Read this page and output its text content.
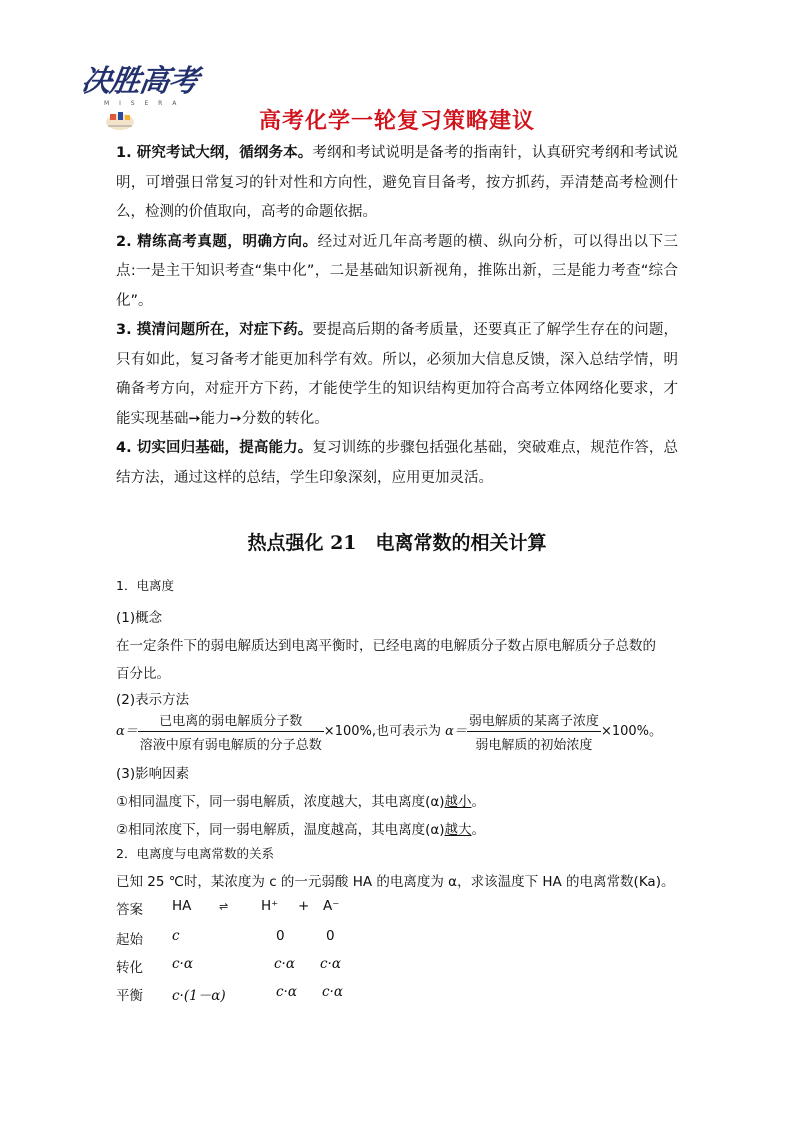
决胜高考
M I S E R A
高考化学一轮复习策略建议

1. 研究考试大纲，循纲务本。考纲和考试说明是备考的指南针，认真研究考纲和考试说明，可增强日常复习的针对性和方向性，避免盲目备考，按方抓药，弄清楚高考检测什么，检测的价值取向，高考的命题依据。

2. 精练高考真题，明确方向。经过对近几年高考题的横、纵向分析，可以得出以下三点:一是主干知识考查“集中化”，二是基础知识新视角，推陈出新，三是能力考查“综合化”。

3. 摸清问题所在，对症下药。要提高后期的备考质量，还要真正了解学生存在的问题，只有如此，复习备考才能更加科学有效。所以，必须加大信息反馈，深入总结学情，明确备考方向，对症开方下药，才能使学生的知识结构更加符合高考立体网络化要求，才能实现基础➙能力➙分数的转化。

4. 切实回归基础，提高能力。复习训练的步骤包括强化基础，突破难点，规范作答，总结方法，通过这样的总结，学生印象深刻，应用更加灵活。

热点强化 21　电离常数的相关计算
1．电离度
(1)概念
在一定条件下的弱电解质达到电离平衡时，已经电离的电解质分子数占原电解质分子总数的
百分比。
(2)表示方法
$\alpha= \frac{\text{已电离的弱电解质分子数}}{\text{溶液中原有弱电解质的分子总数}} \times 100\%$,也可表示为 $\alpha= \frac{\text{弱电解质的某离子浓度}}{\text{弱电解质的初始浓度}} \times 100\%$。
(3)影响因素
①相同温度下，同一弱电解质，浓度越大，其电离度(α)越小。
②相同浓度下，同一弱电解质，温度越高，其电离度(α)越大。
2．电离度与电离常数的关系
已知 25 ℃时，某浓度为 c 的一元弱酸 HA 的电离度为 α，求该温度下 HA 的电离常数(Ka)。
答案 HA	⇌ H⁺ + A⁻
起始 c	0	0
转化 c·α	c·α c·α
平衡 c·(1－α)	c·α c·α
